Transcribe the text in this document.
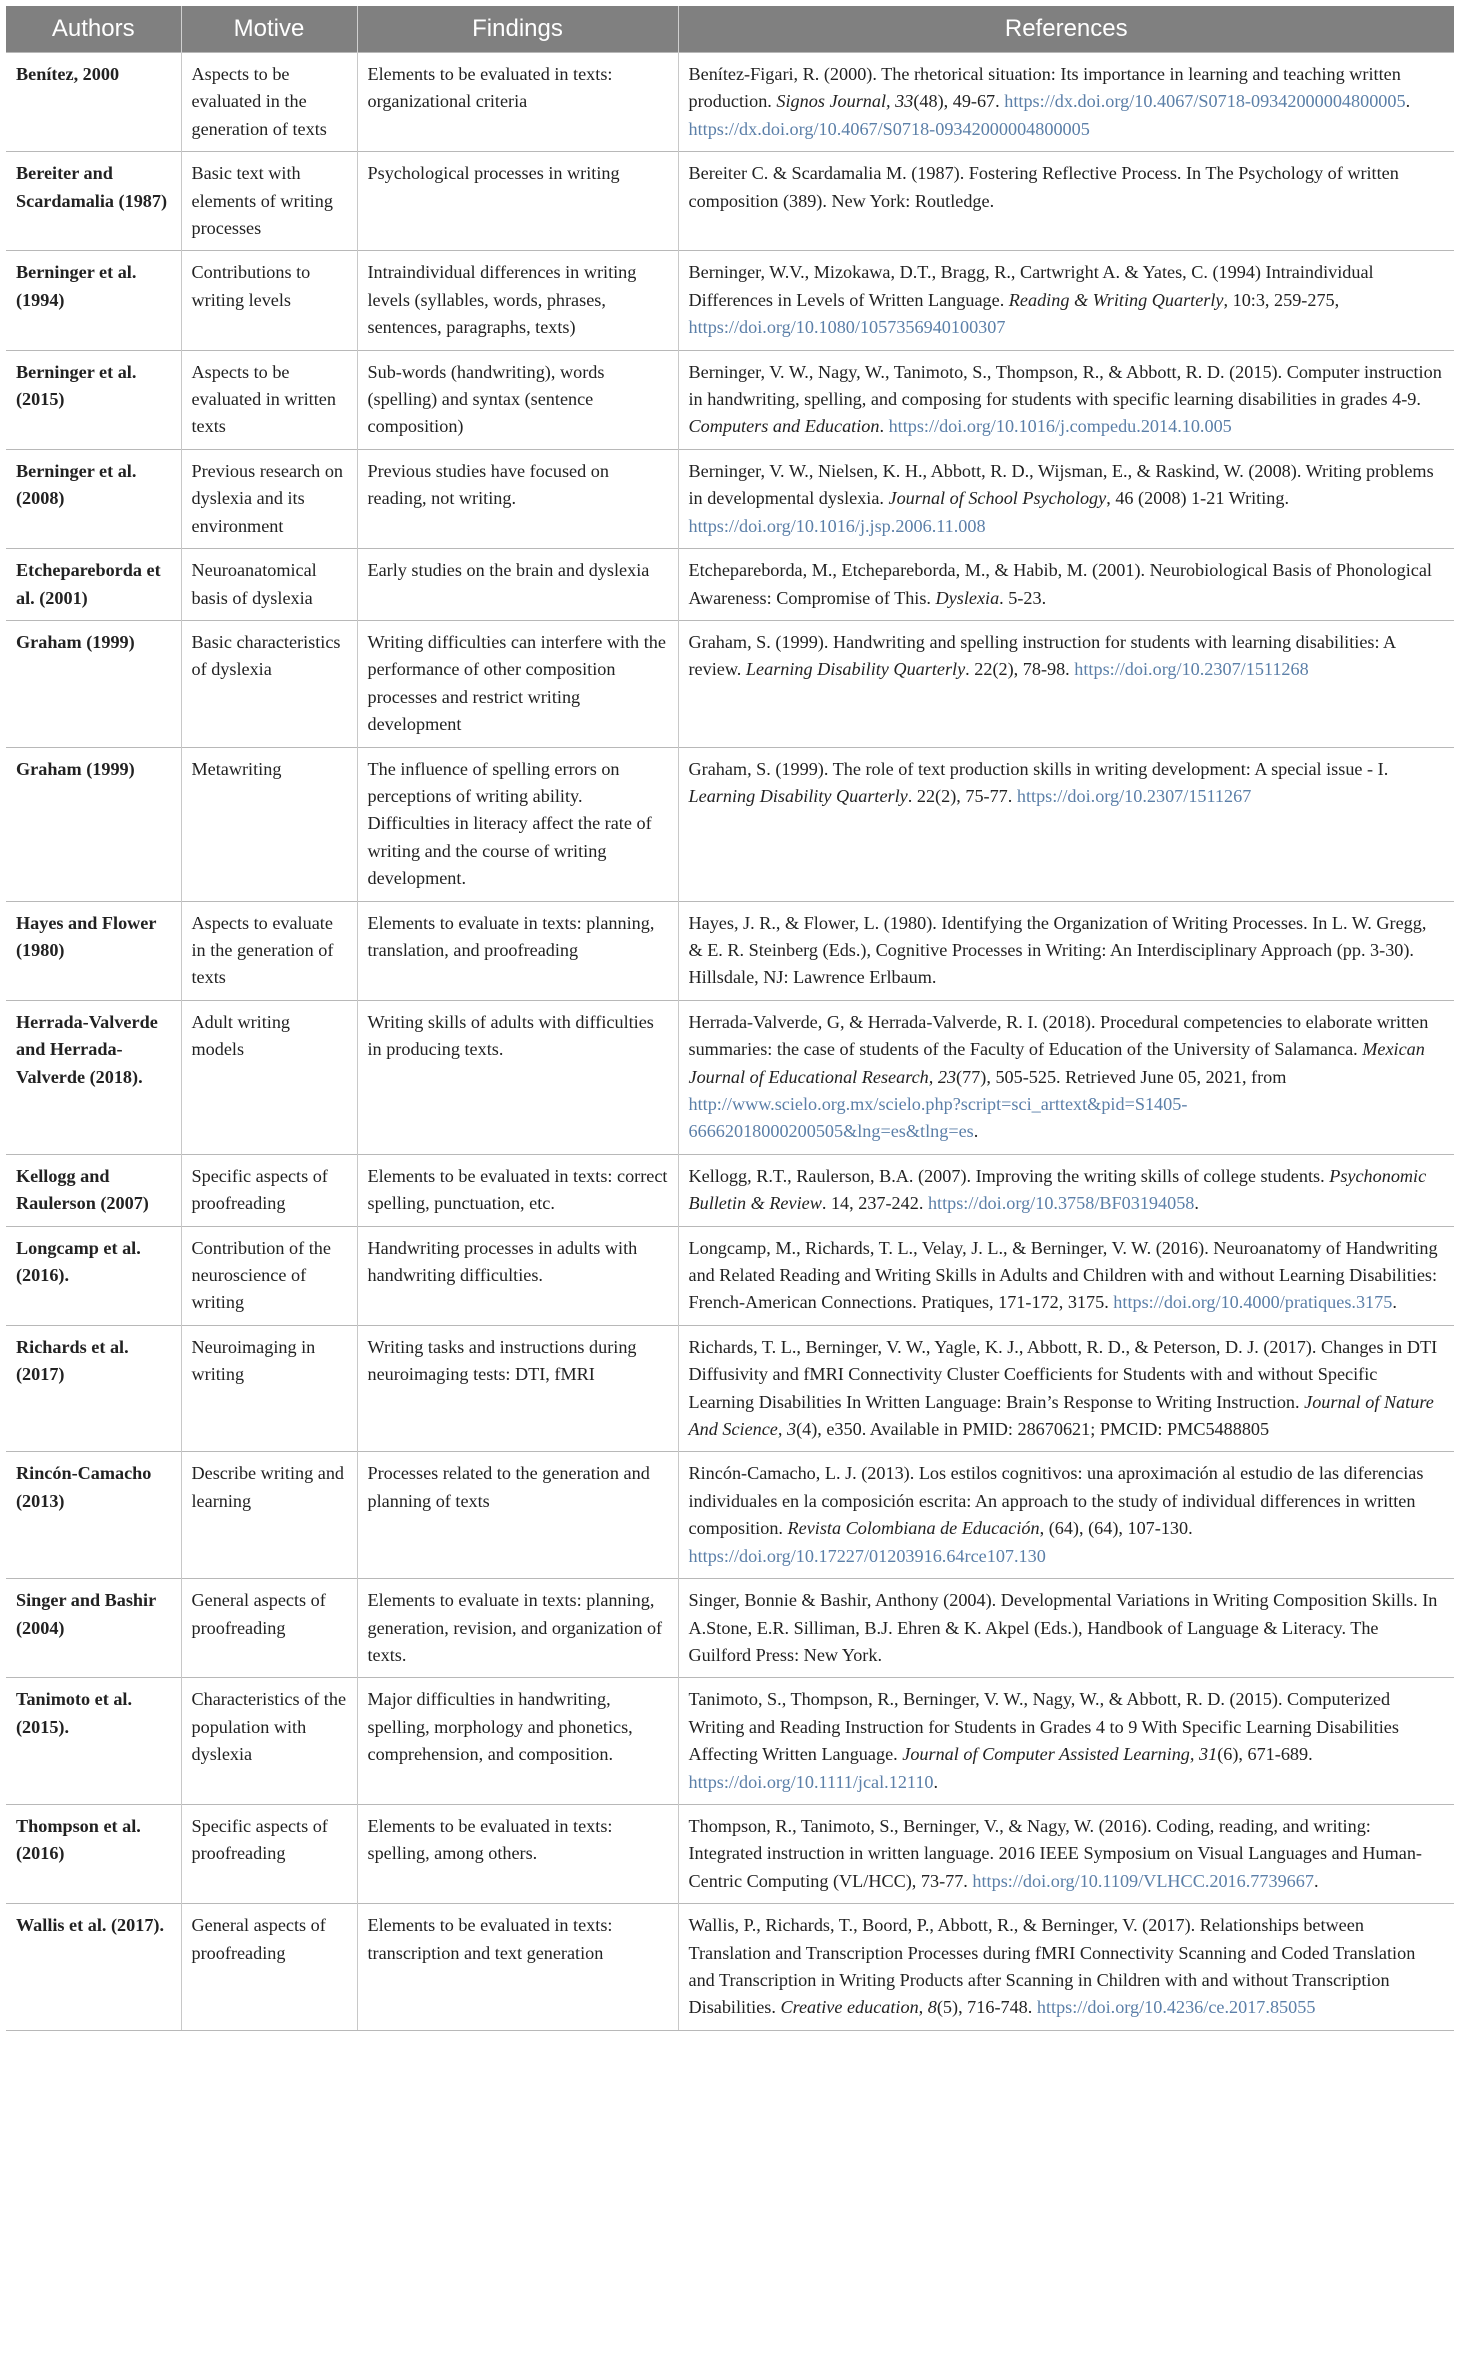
Authors	Motive	Findings	References
Benítez, 2000	Aspects to be evaluated in the generation of texts	Elements to be evaluated in texts: organizational criteria	Benítez-Figari, R. (2000). The rhetorical situation: Its importance in learning and teaching written production. Signos Journal, 33(48), 49-67. https://dx.doi.org/10.4067/S0718-09342000004800005. https://dx.doi.org/10.4067/S0718-09342000004800005
Bereiter and Scardamalia (1987)	Basic text with elements of writing processes	Psychological processes in writing	Bereiter C. & Scardamalia M. (1987). Fostering Reflective Process. In The Psychology of written composition (389). New York: Routledge.
Berninger et al. (1994)	Contributions to writing levels	Intraindividual differences in writing levels (syllables, words, phrases, sentences, paragraphs, texts)	Berninger, W.V., Mizokawa, D.T., Bragg, R., Cartwright A. & Yates, C. (1994) Intraindividual Differences in Levels of Written Language. Reading & Writing Quarterly, 10:3, 259-275, https://doi.org/10.1080/1057356940100307
Berninger et al. (2015)	Aspects to be evaluated in written texts	Sub-words (handwriting), words (spelling) and syntax (sentence composition)	Berninger, V. W., Nagy, W., Tanimoto, S., Thompson, R., & Abbott, R. D. (2015). Computer instruction in handwriting, spelling, and composing for students with specific learning disabilities in grades 4-9. Computers and Education. https://doi.org/10.1016/j.compedu.2014.10.005
Berninger et al. (2008)	Previous research on dyslexia and its environment	Previous studies have focused on reading, not writing.	Berninger, V. W., Nielsen, K. H., Abbott, R. D., Wijsman, E., & Raskind, W. (2008). Writing problems in developmental dyslexia. Journal of School Psychology, 46 (2008) 1-21 Writing. https://doi.org/10.1016/j.jsp.2006.11.008
Etchepareborda et al. (2001)	Neuroanatomical basis of dyslexia	Early studies on the brain and dyslexia	Etchepareborda, M., Etchepareborda, M., & Habib, M. (2001). Neurobiological Basis of Phonological Awareness: Compromise of This. Dyslexia. 5-23.
Graham (1999)	Basic characteristics of dyslexia	Writing difficulties can interfere with the performance of other composition processes and restrict writing development	Graham, S. (1999). Handwriting and spelling instruction for students with learning disabilities: A review. Learning Disability Quarterly. 22(2), 78-98. https://doi.org/10.2307/1511268
Graham (1999)	Metawriting	The influence of spelling errors on perceptions of writing ability. Difficulties in literacy affect the rate of writing and the course of writing development.	Graham, S. (1999). The role of text production skills in writing development: A special issue - I. Learning Disability Quarterly. 22(2), 75-77. https://doi.org/10.2307/1511267
Hayes and Flower (1980)	Aspects to evaluate in the generation of texts	Elements to evaluate in texts: planning, translation, and proofreading	Hayes, J. R., & Flower, L. (1980). Identifying the Organization of Writing Processes. In L. W. Gregg, & E. R. Steinberg (Eds.), Cognitive Processes in Writing: An Interdisciplinary Approach (pp. 3-30). Hillsdale, NJ: Lawrence Erlbaum.
Herrada-Valverde and Herrada-Valverde (2018).	Adult writing models	Writing skills of adults with difficulties in producing texts.	Herrada-Valverde, G, & Herrada-Valverde, R. I. (2018). Procedural competencies to elaborate written summaries: the case of students of the Faculty of Education of the University of Salamanca. Mexican Journal of Educational Research, 23(77), 505-525. Retrieved June 05, 2021, from http://www.scielo.org.mx/scielo.php?script=sci_arttext&pid=S1405-66662018000200505&lng=es&tlng=es.
Kellogg and Raulerson (2007)	Specific aspects of proofreading	Elements to be evaluated in texts: correct spelling, punctuation, etc.	Kellogg, R.T., Raulerson, B.A. (2007). Improving the writing skills of college students. Psychonomic Bulletin & Review. 14, 237-242. https://doi.org/10.3758/BF03194058.
Longcamp et al. (2016).	Contribution of the neuroscience of writing	Handwriting processes in adults with handwriting difficulties.	Longcamp, M., Richards, T. L., Velay, J. L., & Berninger, V. W. (2016). Neuroanatomy of Handwriting and Related Reading and Writing Skills in Adults and Children with and without Learning Disabilities: French-American Connections. Pratiques, 171-172, 3175. https://doi.org/10.4000/pratiques.3175.
Richards et al. (2017)	Neuroimaging in writing	Writing tasks and instructions during neuroimaging tests: DTI, fMRI	Richards, T. L., Berninger, V. W., Yagle, K. J., Abbott, R. D., & Peterson, D. J. (2017). Changes in DTI Diffusivity and fMRI Connectivity Cluster Coefficients for Students with and without Specific Learning Disabilities In Written Language: Brain’s Response to Writing Instruction. Journal of Nature And Science, 3(4), e350. Available in PMID: 28670621; PMCID: PMC5488805
Rincón-Camacho (2013)	Describe writing and learning	Processes related to the generation and planning of texts	Rincón-Camacho, L. J. (2013). Los estilos cognitivos: una aproximación al estudio de las diferencias individuales en la composición escrita: An approach to the study of individual differences in written composition. Revista Colombiana de Educación, (64), (64), 107-130. https://doi.org/10.17227/01203916.64rce107.130
Singer and Bashir (2004)	General aspects of proofreading	Elements to evaluate in texts: planning, generation, revision, and organization of texts.	Singer, Bonnie & Bashir, Anthony (2004). Developmental Variations in Writing Composition Skills. In A.Stone, E.R. Silliman, B.J. Ehren & K. Akpel (Eds.), Handbook of Language & Literacy. The Guilford Press: New York.
Tanimoto et al. (2015).	Characteristics of the population with dyslexia	Major difficulties in handwriting, spelling, morphology and phonetics, comprehension, and composition.	Tanimoto, S., Thompson, R., Berninger, V. W., Nagy, W., & Abbott, R. D. (2015). Computerized Writing and Reading Instruction for Students in Grades 4 to 9 With Specific Learning Disabilities Affecting Written Language. Journal of Computer Assisted Learning, 31(6), 671-689. https://doi.org/10.1111/jcal.12110.
Thompson et al. (2016)	Specific aspects of proofreading	Elements to be evaluated in texts: spelling, among others.	Thompson, R., Tanimoto, S., Berninger, V., & Nagy, W. (2016). Coding, reading, and writing: Integrated instruction in written language. 2016 IEEE Symposium on Visual Languages and Human-Centric Computing (VL/HCC), 73-77. https://doi.org/10.1109/VLHCC.2016.7739667.
Wallis et al. (2017).	General aspects of proofreading	Elements to be evaluated in texts: transcription and text generation	Wallis, P., Richards, T., Boord, P., Abbott, R., & Berninger, V. (2017). Relationships between Translation and Transcription Processes during fMRI Connectivity Scanning and Coded Translation and Transcription in Writing Products after Scanning in Children with and without Transcription Disabilities. Creative education, 8(5), 716-748. https://doi.org/10.4236/ce.2017.85055
